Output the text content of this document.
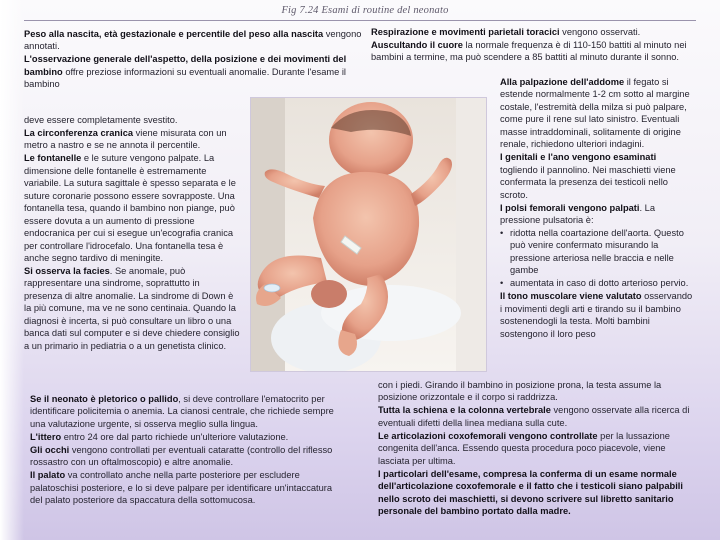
Fig 7.24 Esami di routine del neonato

Peso alla nascita, età gestazionale e percentile del peso alla nascita vengono annotati.

L'osservazione generale dell'aspetto, della posizione e dei movimenti del bambino offre preziose informazioni su eventuali anomalie. Durante l'esame il bambino

deve essere completamente svestito.

La circonferenza cranica viene misurata con un metro a nastro e se ne annota il percentile.

Le fontanelle e le suture vengono palpate. La dimensione delle fontanelle è estremamente variabile. La sutura sagittale è spesso separata e le suture coronarie possono essere sovrapposte. Una fontanella tesa, quando il bambino non piange, può essere dovuta a un aumento di pressione endocranica per cui si esegue un'ecografia cranica per controllare l'idrocefalo. Una fontanella tesa è anche segno tardivo di meningite.

Si osserva la facies. Se anomale, può rappresentare una sindrome, soprattutto in presenza di altre anomalie. La sindrome di Down è la più comune, ma ve ne sono centinaia. Quando la diagnosi è incerta, si può consultare un libro o una banca dati sul computer e si deve chiedere consiglio a un primario in pediatria o a un genetista clinico.

Se il neonato è pletorico o pallido, si deve controllare l'ematocrito per identificare policitemia o anemia. La cianosi centrale, che richiede sempre una valutazione urgente, si osserva meglio sulla lingua.

L'ittero entro 24 ore dal parto richiede un'ulteriore valutazione.

Gli occhi vengono controllati per eventuali cataratte (controllo del riflesso rossastro con un oftalmoscopio) e altre anomalie.

Il palato va controllato anche nella parte posteriore per escludere palatoschisi posteriore, e lo si deve palpare per identificare un'intaccatura del palato posteriore da spaccatura della sottomucosa.

Respirazione e movimenti parietali toracici vengono osservati.

Auscultando il cuore la normale frequenza è di 110-150 battiti al minuto nei bambini a termine, ma può scendere a 85 battiti al minuto durante il sonno.

Alla palpazione dell'addome il fegato si estende normalmente 1-2 cm sotto al margine costale, l'estremità della milza si può palpare, come pure il rene sul lato sinistro. Eventuali masse intraddominali, solitamente di origine renale, richiedono ulteriori indagini.

I genitali e l'ano vengono esaminati togliendo il pannolino. Nei maschietti viene confermata la presenza dei testicoli nello scroto.

I polsi femorali vengono palpati. La pressione pulsatoria è:

• ridotta nella coartazione dell'aorta. Questo può venire confermato misurando la pressione arteriosa nelle braccia e nelle gambe

• aumentata in caso di dotto arterioso pervio.

Il tono muscolare viene valutato osservando i movimenti degli arti e tirando su il bambino sostenendogli la testa. Molti bambini sostengono il loro peso

con i piedi. Girando il bambino in posizione prona, la testa assume la posizione orizzontale e il corpo si raddrizza.

Tutta la schiena e la colonna vertebrale vengono osservate alla ricerca di eventuali difetti della linea mediana sulla cute.

Le articolazioni coxofemorali vengono controllate per la lussazione congenita dell'anca. Essendo questa procedura poco piacevole, viene lasciata per ultima.

I particolari dell'esame, compresa la conferma di un esame normale dell'articolazione coxofemorale e il fatto che i testicoli siano palpabili nello scroto dei maschietti, si devono scrivere sul libretto sanitario personale del bambino portato dalla madre.
